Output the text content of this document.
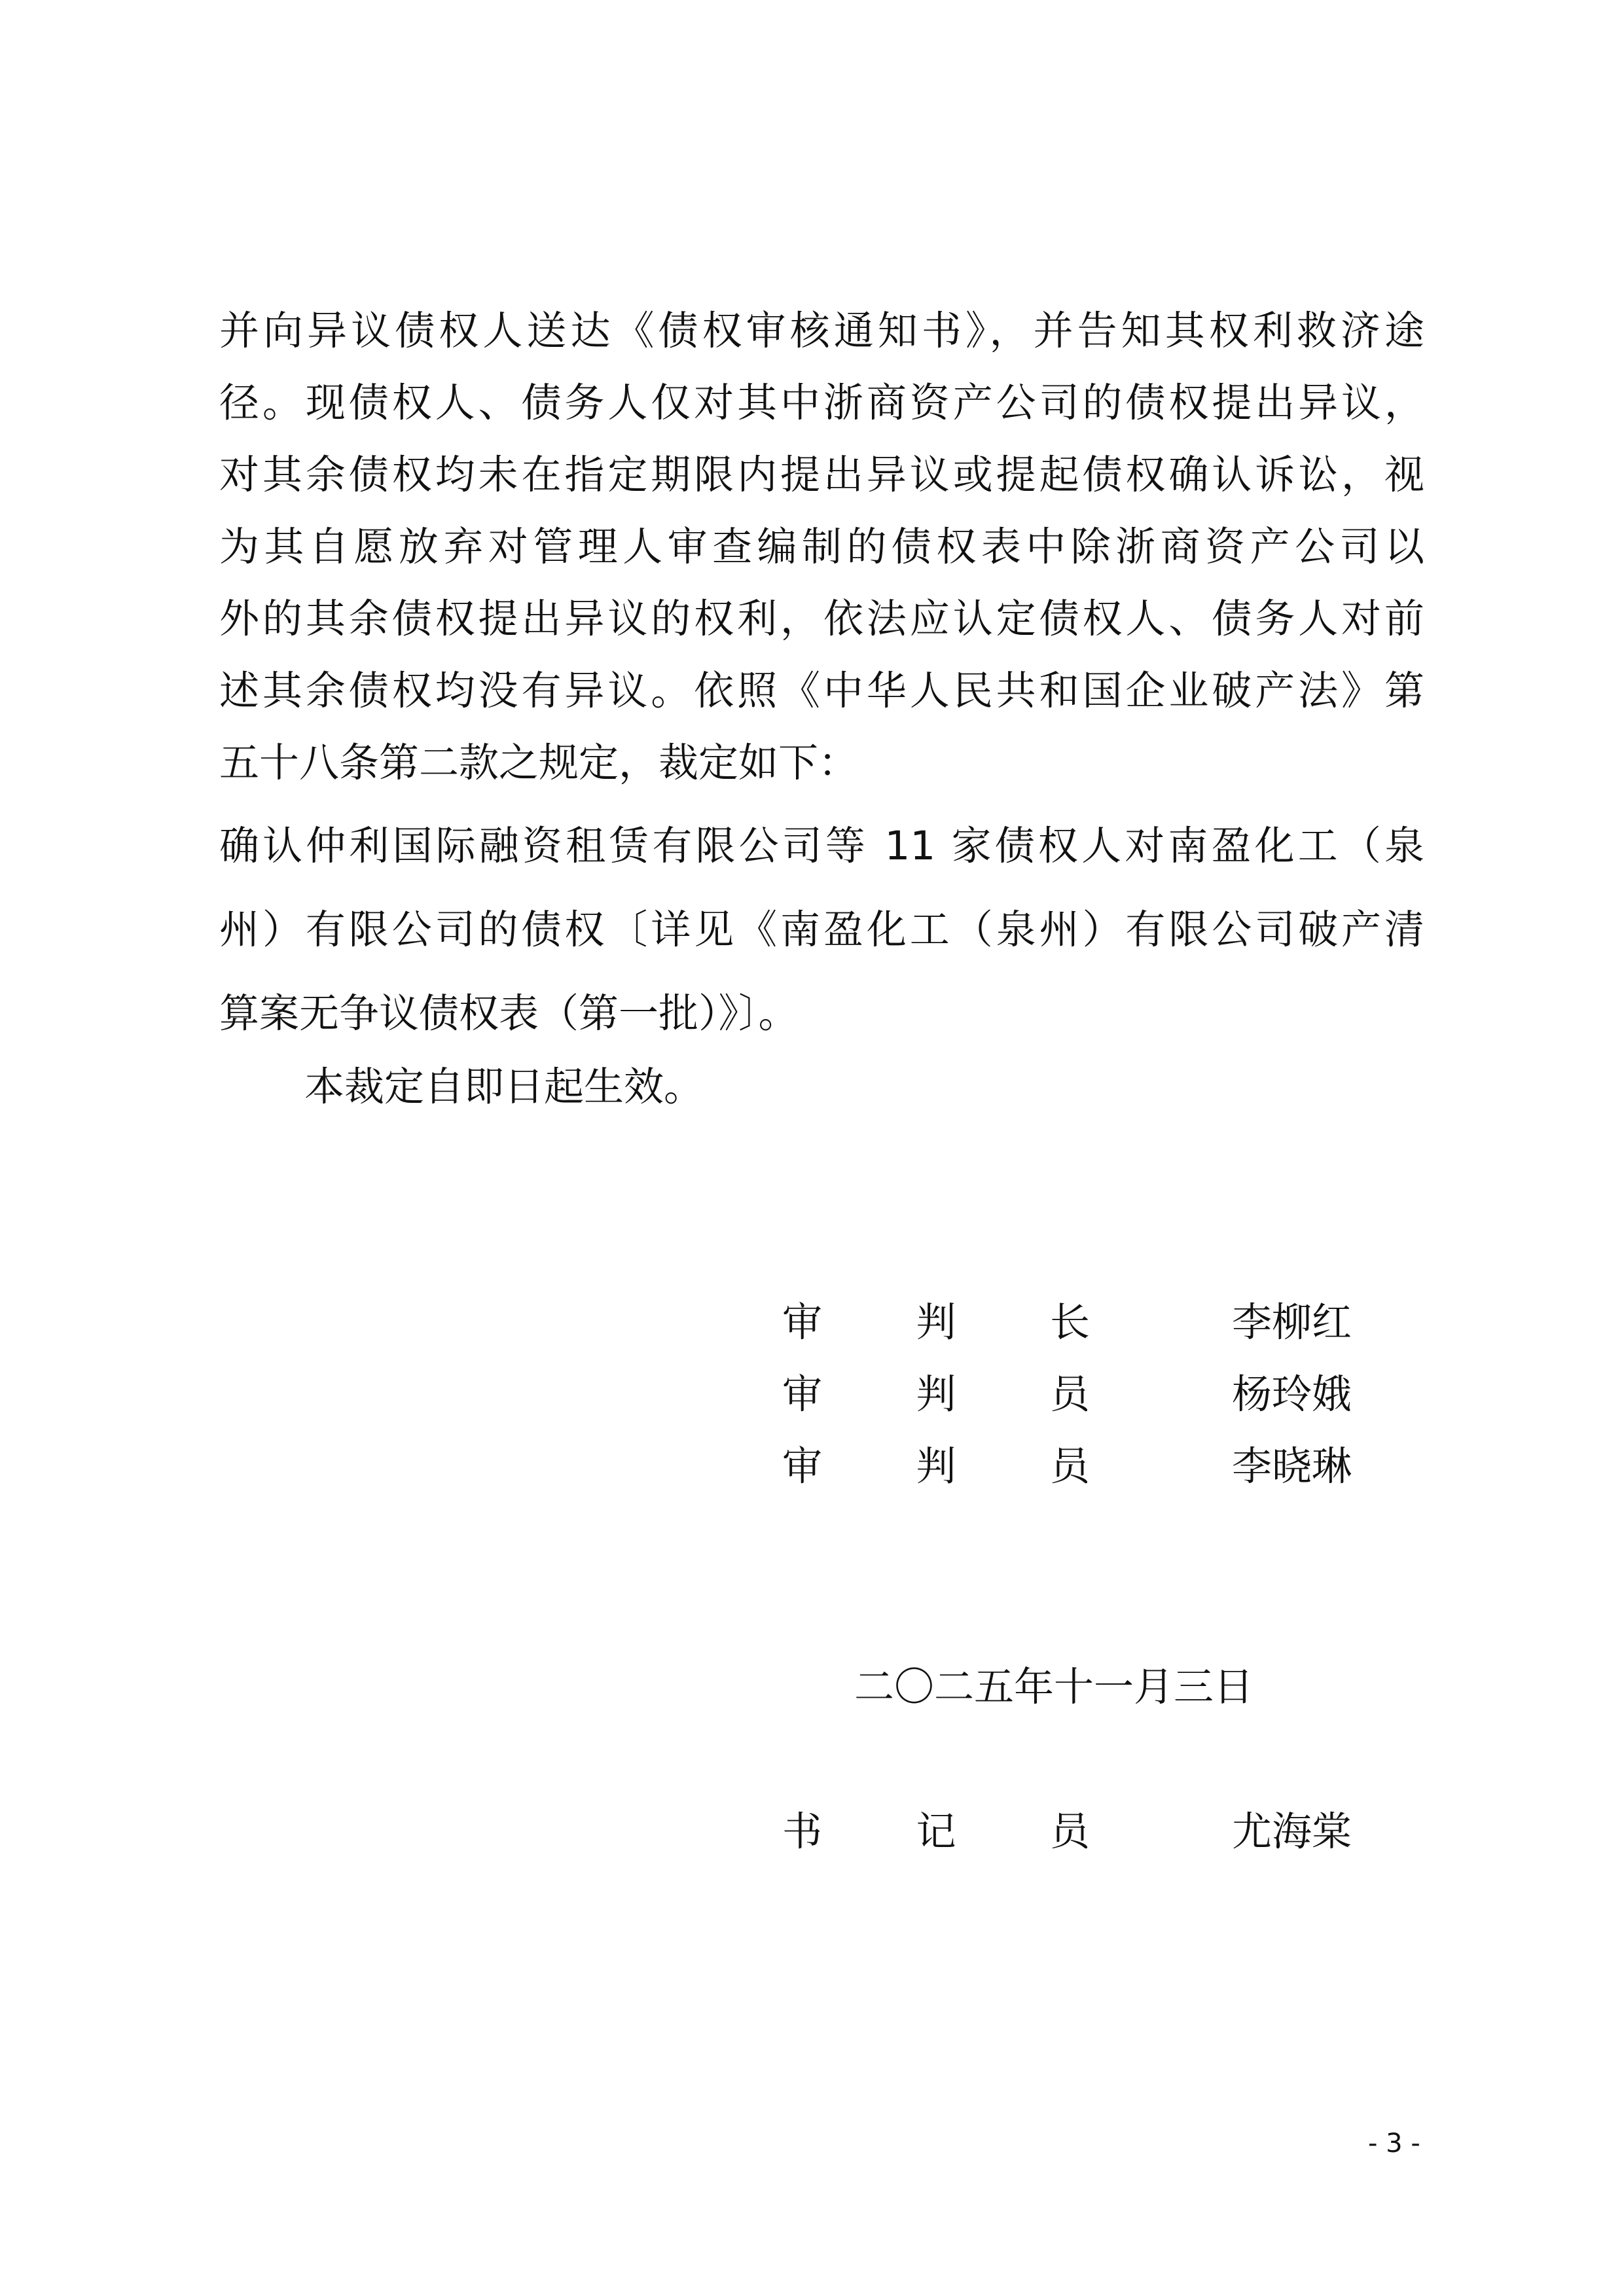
并向异议债权人送达《债权审核通知书》，并告知其权利救济途
径。现债权人、债务人仅对其中浙商资产公司的债权提出异议，
对其余债权均未在指定期限内提出异议或提起债权确认诉讼，视
为其自愿放弃对管理人审查编制的债权表中除浙商资产公司以
外的其余债权提出异议的权利，依法应认定债权人、债务人对前
述其余债权均没有异议。依照《中华人民共和国企业破产法》第
五十八条第二款之规定，裁定如下：
确认仲利国际融资租赁有限公司等 11 家债权人对南盈化工（泉
州）有限公司的债权〔详见《南盈化工（泉州）有限公司破产清
算案无争议债权表（第一批）》〕。
本裁定自即日起生效。
审 判 长	李柳红
审 判 员	杨玲娥
审 判 员	李晓琳
二〇二五年十一月三日
书 记 员	尤海棠
- 3 -
